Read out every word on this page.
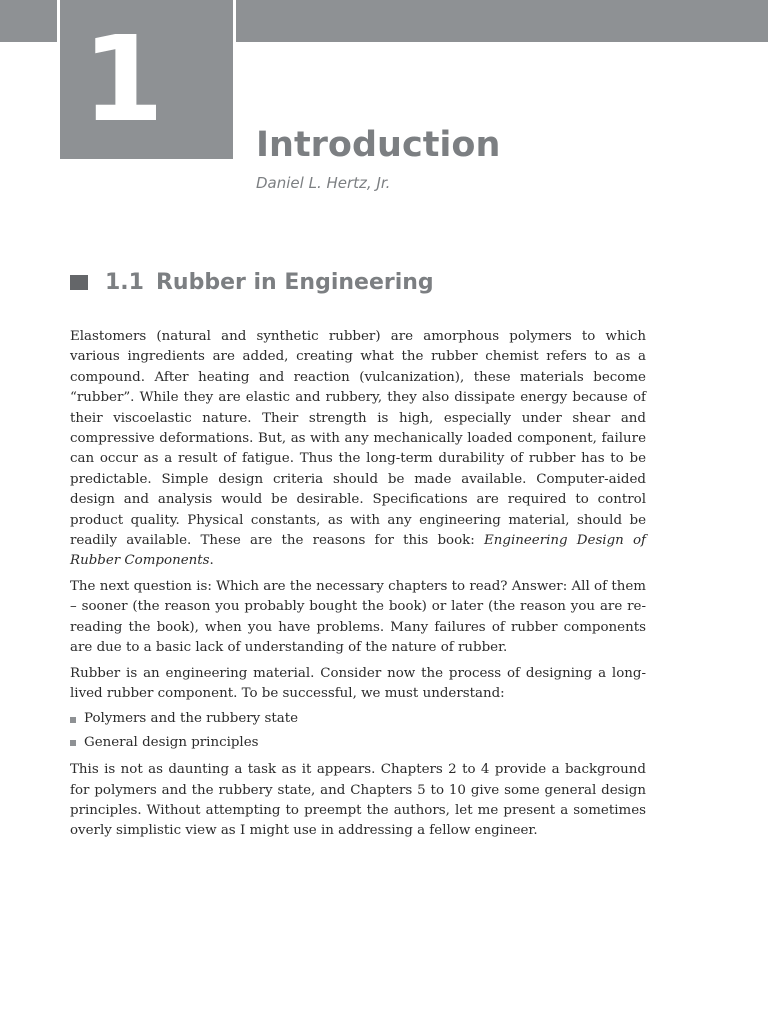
1	Introduction
Daniel L. Hertz, Jr.
1.1 Rubber in Engineering

Elastomers (natural and synthetic rubber) are amorphous polymers to which various ingredients are added, creating what the rubber chemist refers to as a compound. After heating and reaction (vulcanization), these materials become “rubber”. While they are elastic and rubbery, they also dissipate energy because of their viscoelastic nature. Their strength is high, especially under shear and compressive deformations. But, as with any mechanically loaded component, failure can occur as a result of fatigue. Thus the long-term durability of rubber has to be predictable. Simple design criteria should be made available. Computer-aided design and analysis would be desirable. Specifications are required to control product quality. Physical constants, as with any engineering material, should be readily available. These are the reasons for this book: Engineering Design of Rubber Components.

The next question is: Which are the necessary chapters to read? Answer: All of them – sooner (the reason you probably bought the book) or later (the reason you are re-reading the book), when you have problems. Many failures of rubber components are due to a basic lack of understanding of the nature of rubber.

Rubber is an engineering material. Consider now the process of designing a long-lived rubber component. To be successful, we must understand:

Polymers and the rubbery state
General design principles

This is not as daunting a task as it appears. Chapters 2 to 4 provide a background for polymers and the rubbery state, and Chapters 5 to 10 give some general design principles. Without attempting to preempt the authors, let me present a sometimes overly simplistic view as I might use in addressing a fellow engineer.
